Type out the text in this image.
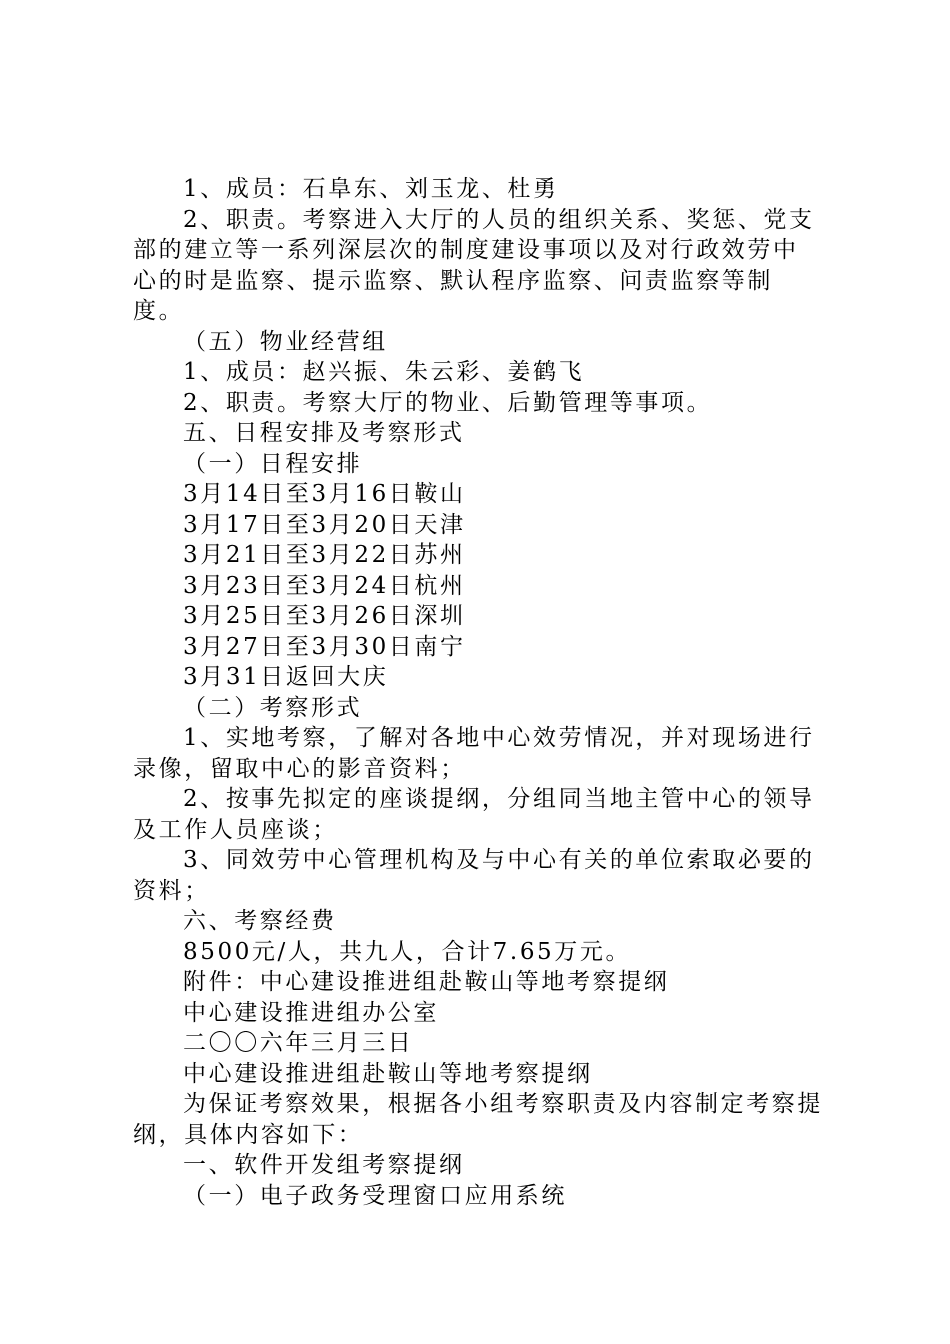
1、成员：石阜东、刘玉龙、杜勇

2、职责。考察进入大厅的人员的组织关系、奖惩、党支部的建立等一系列深层次的制度建设事项以及对行政效劳中心的时是监察、提示监察、默认程序监察、问责监察等制度。

（五）物业经营组

1、成员：赵兴振、朱云彩、姜鹤飞

2、职责。考察大厅的物业、后勤管理等事项。

五、日程安排及考察形式

（一）日程安排

3月14日至3月16日鞍山

3月17日至3月20日天津

3月21日至3月22日苏州

3月23日至3月24日杭州

3月25日至3月26日深圳

3月27日至3月30日南宁

3月31日返回大庆

（二）考察形式

1、实地考察，了解对各地中心效劳情况，并对现场进行录像，留取中心的影音资料；

2、按事先拟定的座谈提纲，分组同当地主管中心的领导及工作人员座谈；

3、同效劳中心管理机构及与中心有关的单位索取必要的资料；

六、考察经费

8500元/人，共九人，合计7.65万元。

附件：中心建设推进组赴鞍山等地考察提纲

中心建设推进组办公室

二〇〇六年三月三日

中心建设推进组赴鞍山等地考察提纲

为保证考察效果，根据各小组考察职责及内容制定考察提纲，具体内容如下：

一、软件开发组考察提纲

（一）电子政务受理窗口应用系统
